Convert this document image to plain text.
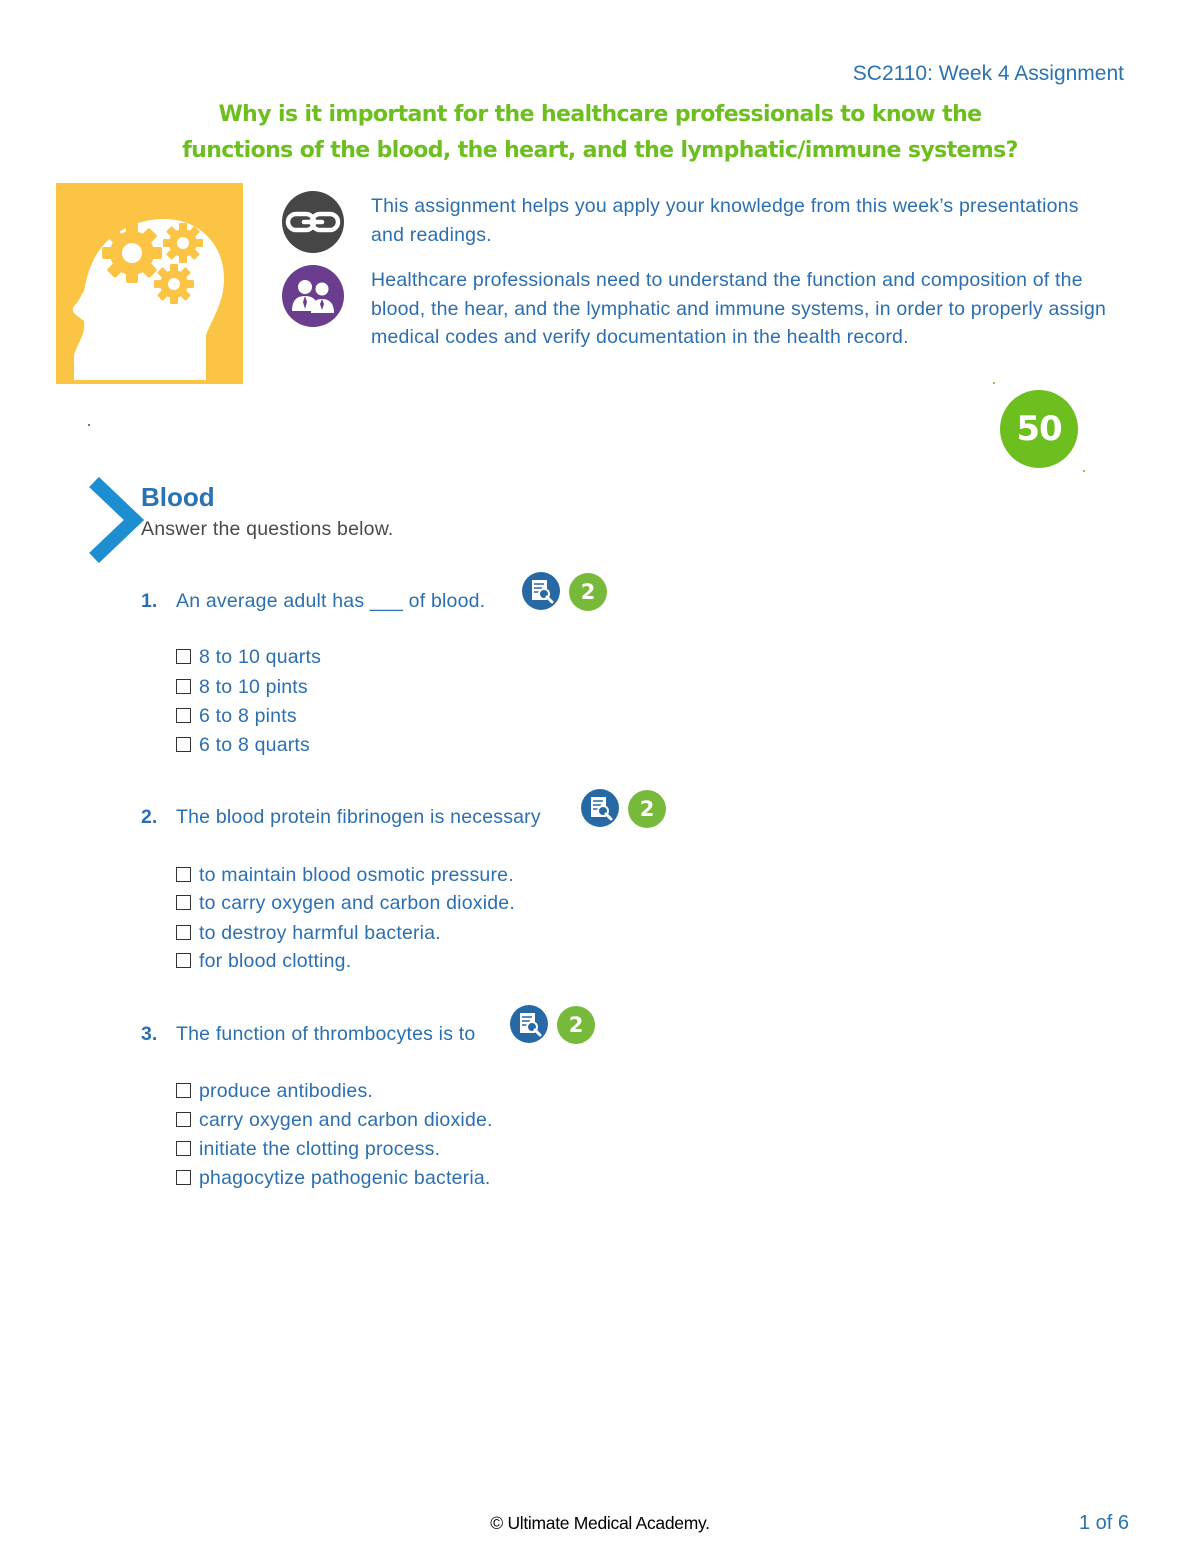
SC2110: Week 4 Assignment
Why is it important for the healthcare professionals to know the
functions of the blood, the heart, and the lymphatic/immune systems?
This assignment helps you apply your knowledge from this week’s presentations and readings.
Healthcare professionals need to understand the function and composition of the blood, the hear, and the lymphatic and immune systems, in order to properly assign medical codes and verify documentation in the health record.
50
Blood
Answer the questions below.
1. An average adult has ___ of blood.	2
8 to 10 quarts
8 to 10 pints
6 to 8 pints
6 to 8 quarts
2. The blood protein fibrinogen is necessary	2
to maintain blood osmotic pressure.
to carry oxygen and carbon dioxide.
to destroy harmful bacteria.
for blood clotting.
3. The function of thrombocytes is to	2
produce antibodies.
carry oxygen and carbon dioxide.
initiate the clotting process.
phagocytize pathogenic bacteria.
© Ultimate Medical Academy.	1 of 6
